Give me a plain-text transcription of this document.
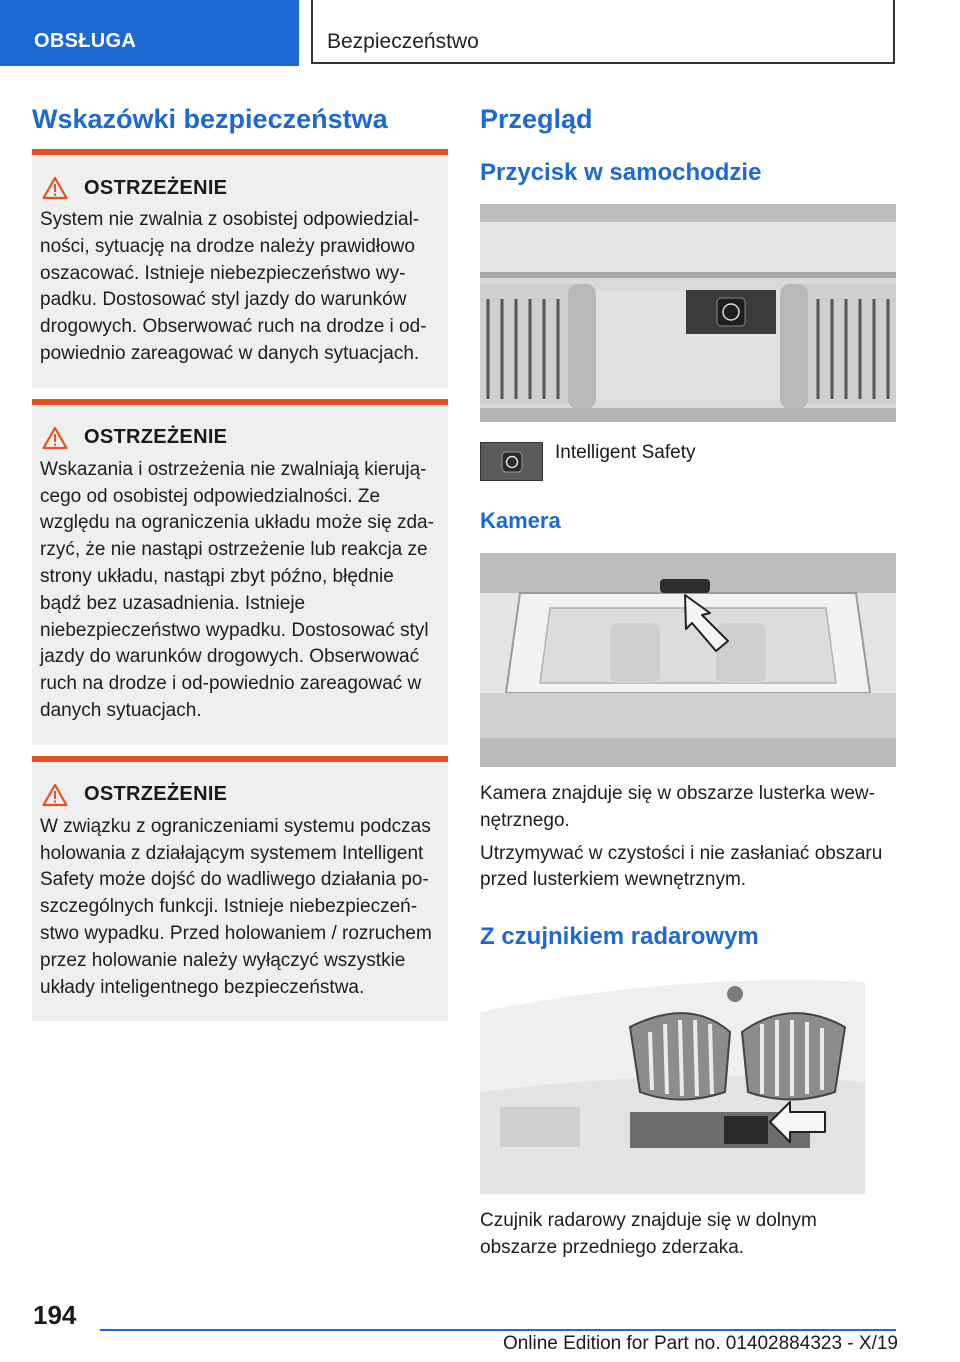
OBSŁUGA	Bezpieczeństwo
Wskazówki bezpieczeństwa
OSTRZEŻENIE

System nie zwalnia z osobistej odpowiedzial-ności, sytuację na drodze należy prawidłowo oszacować. Istnieje niebezpieczeństwo wy-padku. Dostosować styl jazdy do warunków drogowych. Obserwować ruch na drodze i od-powiednio zareagować w danych sytuacjach.

OSTRZEŻENIE

Wskazania i ostrzeżenia nie zwalniają kierują-cego od osobistej odpowiedzialności. Ze względu na ograniczenia układu może się zda-rzyć, że nie nastąpi ostrzeżenie lub reakcja ze strony układu, nastąpi zbyt późno, błędnie bądź bez uzasadnienia. Istnieje niebezpieczeństwo wypadku. Dostosować styl jazdy do warunków drogowych. Obserwować ruch na drodze i od-powiednio zareagować w danych sytuacjach.

OSTRZEŻENIE

W związku z ograniczeniami systemu podczas holowania z działającym systemem Intelligent Safety może dojść do wadliwego działania po-szczególnych funkcji. Istnieje niebezpieczeń-stwo wypadku. Przed holowaniem / rozruchem przez holowanie należy wyłączyć wszystkie układy inteligentnego bezpieczeństwa.

Przegląd
Przycisk w samochodzie
Intelligent Safety
Kamera

Kamera znajduje się w obszarze lusterka wew-nętrznego.

Utrzymywać w czystości i nie zasłaniać obszaru przed lusterkiem wewnętrznym.

Z czujnikiem radarowym

Czujnik radarowy znajduje się w dolnym obszarze przedniego zderzaka.

194
Online Edition for Part no. 01402884323 - X/19
